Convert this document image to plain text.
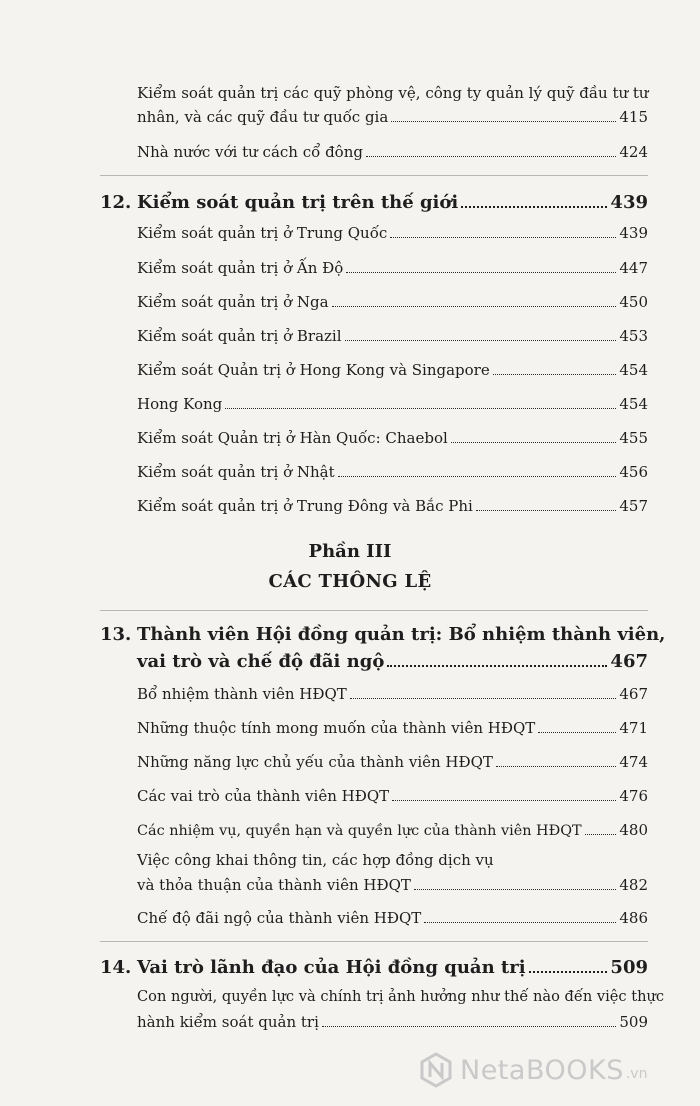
Kiểm soát quản trị các quỹ phòng vệ, công ty quản lý quỹ đầu tư tư
nhân, và các quỹ đầu tư quốc gia	415
Nhà nước với tư cách cổ đông	424
12. Kiểm soát quản trị trên thế giới	439
Kiểm soát quản trị ở Trung Quốc	439
Kiểm soát quản trị ở Ấn Độ	447
Kiểm soát quản trị ở Nga	450
Kiểm soát quản trị ở Brazil	453
Kiểm soát Quản trị ở Hong Kong và Singapore	454
Hong Kong	454
Kiểm soát Quản trị ở Hàn Quốc: Chaebol	455
Kiểm soát quản trị ở Nhật	456
Kiểm soát quản trị ở Trung Đông và Bắc Phi	457
Phần III
CÁC THÔNG LỆ
13. Thành viên Hội đồng quản trị: Bổ nhiệm thành viên,
vai trò và chế độ đãi ngộ	467
Bổ nhiệm thành viên HĐQT	467
Những thuộc tính mong muốn của thành viên HĐQT	471
Những năng lực chủ yếu của thành viên HĐQT	474
Các vai trò của thành viên HĐQT	476
Các nhiệm vụ, quyền hạn và quyền lực của thành viên HĐQT	480
Việc công khai thông tin, các hợp đồng dịch vụ
và thỏa thuận của thành viên HĐQT	482
Chế độ đãi ngộ của thành viên HĐQT	486
14. Vai trò lãnh đạo của Hội đồng quản trị	509
Con người, quyền lực và chính trị ảnh hưởng như thế nào đến việc thực
hành kiểm soát quản trị	509
NetaBOOKS .vn
